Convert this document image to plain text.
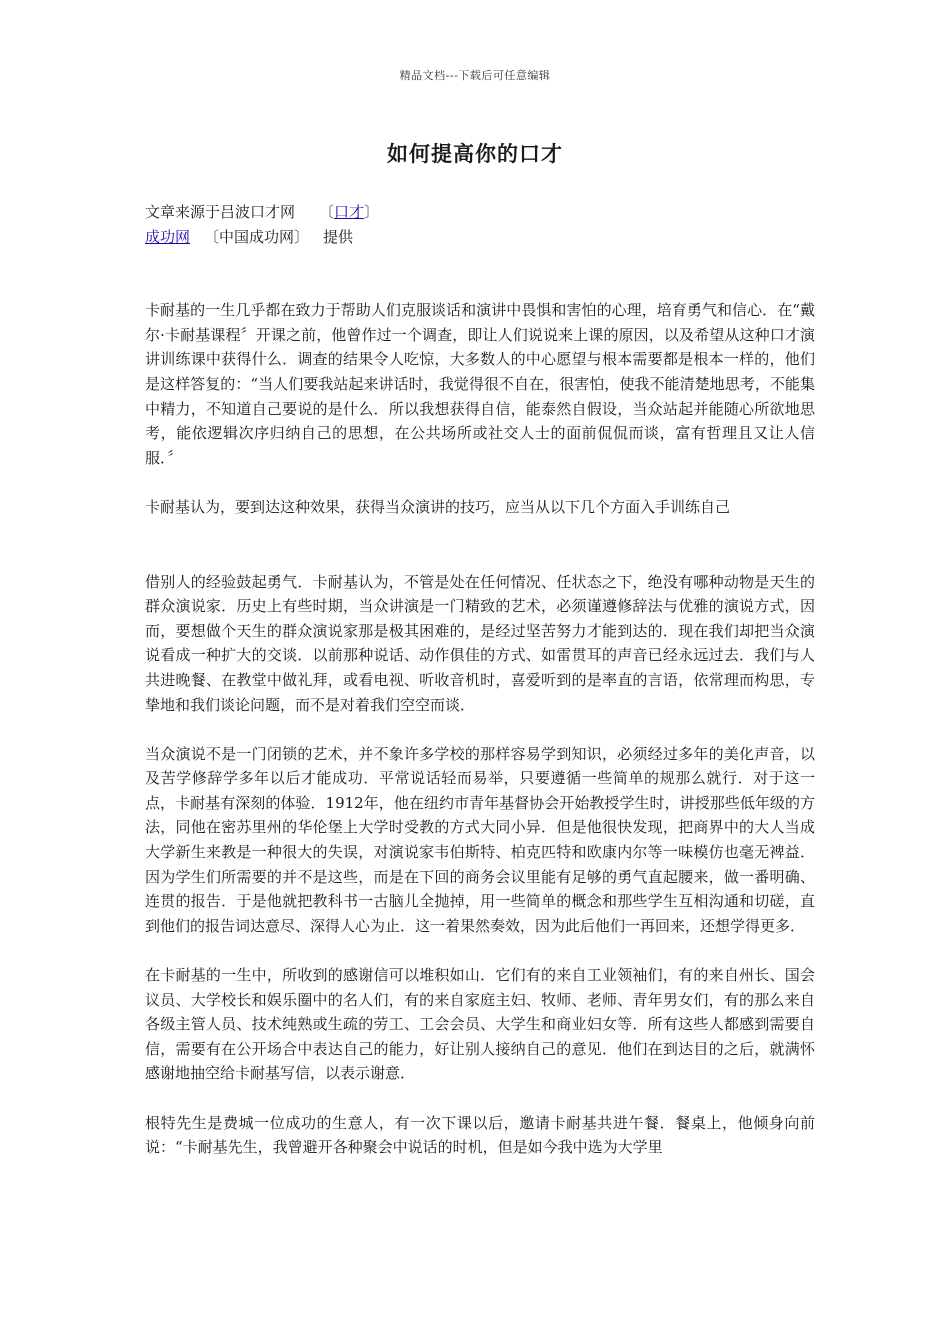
精品文档---下载后可任意编辑
如何提高你的口才
文章来源于吕波口才网 〔口才〕
成功网 〔中国成功网〕 提供

卡耐基的一生几乎都在致力于帮助人们克服谈话和演讲中畏惧和害怕的心理，培育勇气和信心．在“戴尔·卡耐基课程〞开课之前，他曾作过一个调查，即让人们说说来上课的原因，以及希望从这种口才演讲训练课中获得什么．调查的结果令人吃惊，大多数人的中心愿望与根本需要都是根本一样的，他们是这样答复的：“当人们要我站起来讲话时，我觉得很不自在，很害怕，使我不能清楚地思考，不能集中精力，不知道自己要说的是什么．所以我想获得自信，能泰然自假设，当众站起并能随心所欲地思考，能依逻辑次序归纳自己的思想，在公共场所或社交人士的面前侃侃而谈，富有哲理且又让人信服．〞

卡耐基认为，要到达这种效果，获得当众演讲的技巧，应当从以下几个方面入手训练自己

借别人的经验鼓起勇气．卡耐基认为，不管是处在任何情况、任状态之下，绝没有哪种动物是天生的群众演说家．历史上有些时期，当众讲演是一门精致的艺术，必须谨遵修辞法与优雅的演说方式，因而，要想做个天生的群众演说家那是极其困难的，是经过坚苦努力才能到达的．现在我们却把当众演说看成一种扩大的交谈．以前那种说话、动作俱佳的方式、如雷贯耳的声音已经永远过去．我们与人共进晚餐、在教堂中做礼拜，或看电视、听收音机时，喜爱听到的是率直的言语，依常理而构思，专挚地和我们谈论问题，而不是对着我们空空而谈．

当众演说不是一门闭锁的艺术，并不象许多学校的那样容易学到知识，必须经过多年的美化声音，以及苦学修辞学多年以后才能成功．平常说话轻而易举，只要遵循一些简单的规那么就行．对于这一点，卡耐基有深刻的体验．1912年，他在纽约市青年基督协会开始教授学生时，讲授那些低年级的方法，同他在密苏里州的华伦堡上大学时受教的方式大同小异．但是他很快发现，把商界中的大人当成大学新生来教是一种很大的失误，对演说家韦伯斯特、柏克匹特和欧康内尔等一味模仿也毫无裨益．因为学生们所需要的并不是这些，而是在下回的商务会议里能有足够的勇气直起腰来，做一番明确、连贯的报告．于是他就把教科书一古脑儿全抛掉，用一些简单的概念和那些学生互相沟通和切磋，直到他们的报告词达意尽、深得人心为止．这一着果然奏效，因为此后他们一再回来，还想学得更多．

在卡耐基的一生中，所收到的感谢信可以堆积如山．它们有的来自工业领袖们，有的来自州长、国会议员、大学校长和娱乐圈中的名人们，有的来自家庭主妇、牧师、老师、青年男女们，有的那么来自各级主管人员、技术纯熟或生疏的劳工、工会会员、大学生和商业妇女等．所有这些人都感到需要自信，需要有在公开场合中表达自己的能力，好让别人接纳自己的意见．他们在到达目的之后，就满怀感谢地抽空给卡耐基写信，以表示谢意．

根特先生是费城一位成功的生意人，有一次下课以后，邀请卡耐基共进午餐．餐桌上，他倾身向前说：“卡耐基先生，我曾避开各种聚会中说话的时机，但是如今我中选为大学里
